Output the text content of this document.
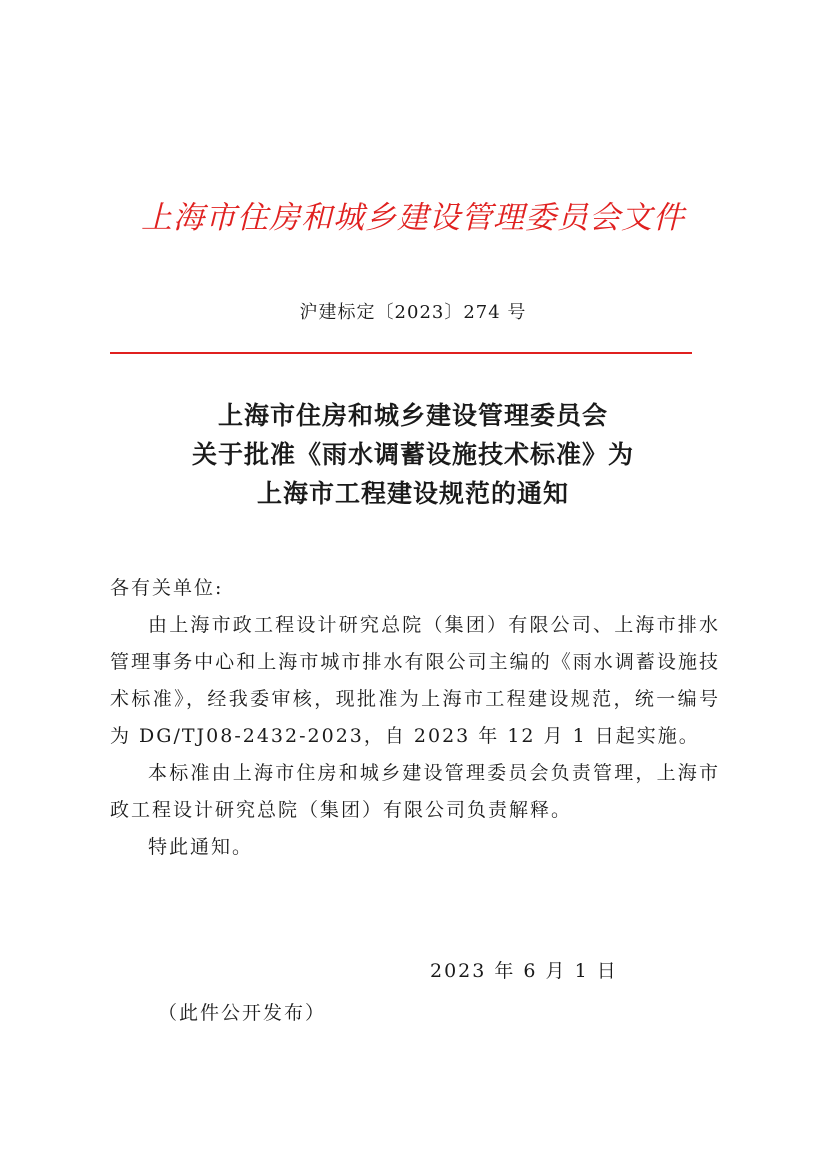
上海市住房和城乡建设管理委员会文件
沪建标定〔2023〕274 号
上海市住房和城乡建设管理委员会
关于批准《雨水调蓄设施技术标准》为
上海市工程建设规范的通知

各有关单位:

由上海市政工程设计研究总院（集团）有限公司、上海市排水管理事务中心和上海市城市排水有限公司主编的《雨水调蓄设施技术标准》，经我委审核，现批准为上海市工程建设规范，统一编号为 DG/TJ08-2432-2023，自 2023 年 12 月 1 日起实施。

本标准由上海市住房和城乡建设管理委员会负责管理，上海市政工程设计研究总院（集团）有限公司负责解释。

特此通知。

2023 年 6 月 1 日
（此件公开发布）
